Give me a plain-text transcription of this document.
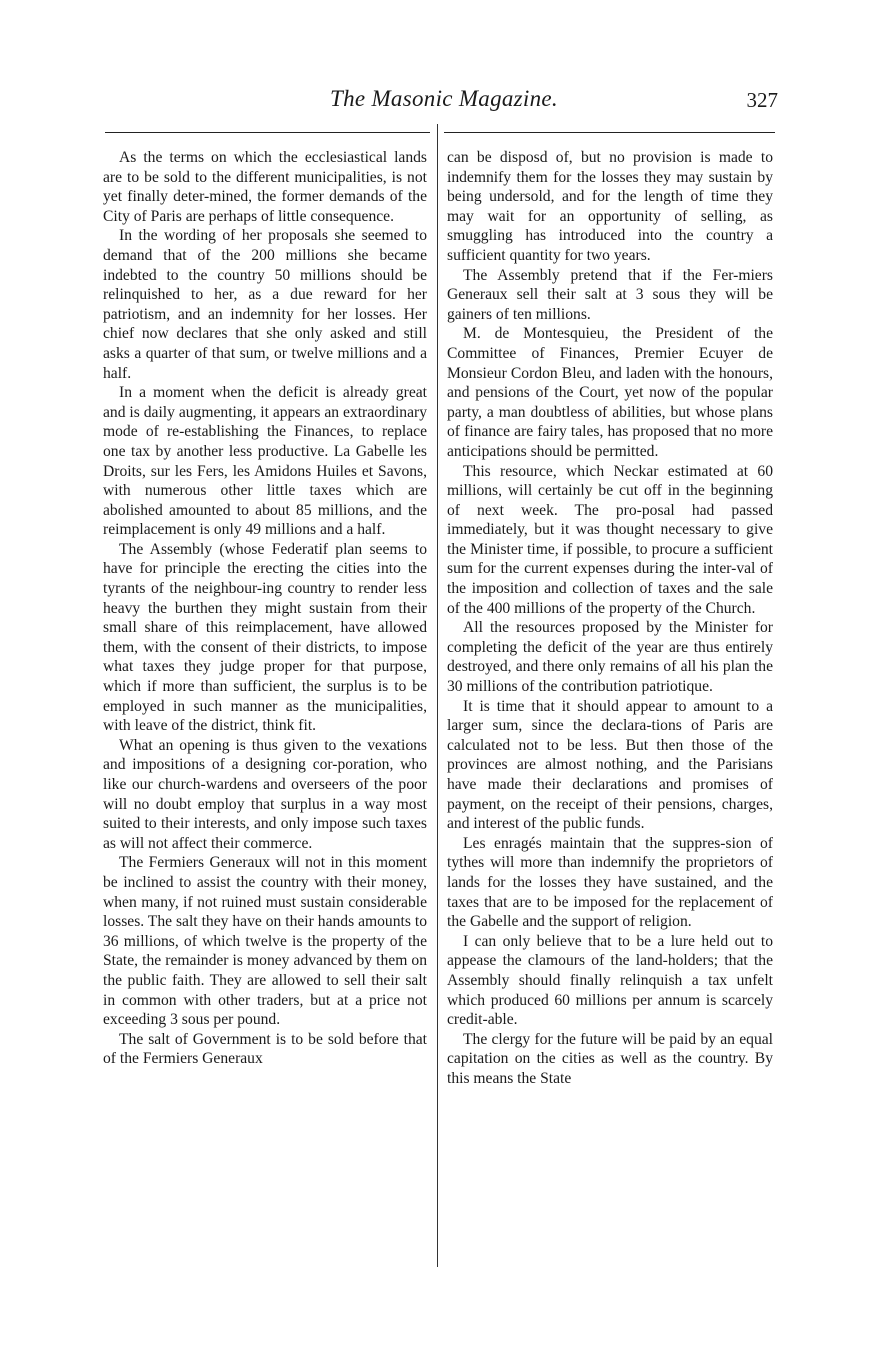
The Masonic Magazine.	327

As the terms on which the ecclesiastical lands are to be sold to the different municipalities, is not yet finally deter-mined, the former demands of the City of Paris are perhaps of little consequence.

In the wording of her proposals she seemed to demand that of the 200 millions she became indebted to the country 50 millions should be relinquished to her, as a due reward for her patriotism, and an indemnity for her losses. Her chief now declares that she only asked and still asks a quarter of that sum, or twelve millions and a half.

In a moment when the deficit is already great and is daily augmenting, it appears an extraordinary mode of re-establishing the Finances, to replace one tax by another less productive. La Gabelle les Droits, sur les Fers, les Amidons Huiles et Savons, with numerous other little taxes which are abolished amounted to about 85 millions, and the reimplacement is only 49 millions and a half.

The Assembly (whose Federatif plan seems to have for principle the erecting the cities into the tyrants of the neighbour-ing country to render less heavy the burthen they might sustain from their small share of this reimplacement, have allowed them, with the consent of their districts, to impose what taxes they judge proper for that purpose, which if more than sufficient, the surplus is to be employed in such manner as the municipalities, with leave of the district, think fit.

What an opening is thus given to the vexations and impositions of a designing cor-poration, who like our church-wardens and overseers of the poor will no doubt employ that surplus in a way most suited to their interests, and only impose such taxes as will not affect their commerce.

The Fermiers Generaux will not in this moment be inclined to assist the country with their money, when many, if not ruined must sustain considerable losses. The salt they have on their hands amounts to 36 millions, of which twelve is the property of the State, the remainder is money advanced by them on the public faith. They are allowed to sell their salt in common with other traders, but at a price not exceeding 3 sous per pound.

The salt of Government is to be sold before that of the Fermiers Generaux

can be disposd of, but no provision is made to indemnify them for the losses they may sustain by being undersold, and for the length of time they may wait for an opportunity of selling, as smuggling has introduced into the country a sufficient quantity for two years.

The Assembly pretend that if the Fer-miers Generaux sell their salt at 3 sous they will be gainers of ten millions.

M. de Montesquieu, the President of the Committee of Finances, Premier Ecuyer de Monsieur Cordon Bleu, and laden with the honours, and pensions of the Court, yet now of the popular party, a man doubtless of abilities, but whose plans of finance are fairy tales, has proposed that no more anticipations should be permitted.

This resource, which Neckar estimated at 60 millions, will certainly be cut off in the beginning of next week. The pro-posal had passed immediately, but it was thought necessary to give the Minister time, if possible, to procure a sufficient sum for the current expenses during the inter-val of the imposition and collection of taxes and the sale of the 400 millions of the property of the Church.

All the resources proposed by the Minister for completing the deficit of the year are thus entirely destroyed, and there only remains of all his plan the 30 millions of the contribution patriotique.

It is time that it should appear to amount to a larger sum, since the declara-tions of Paris are calculated not to be less. But then those of the provinces are almost nothing, and the Parisians have made their declarations and promises of payment, on the receipt of their pensions, charges, and interest of the public funds.

Les enragés maintain that the suppres-sion of tythes will more than indemnify the proprietors of lands for the losses they have sustained, and the taxes that are to be imposed for the replacement of the Gabelle and the support of religion.

I can only believe that to be a lure held out to appease the clamours of the land-holders; that the Assembly should finally relinquish a tax unfelt which produced 60 millions per annum is scarcely credit-able.

The clergy for the future will be paid by an equal capitation on the cities as well as the country. By this means the State
